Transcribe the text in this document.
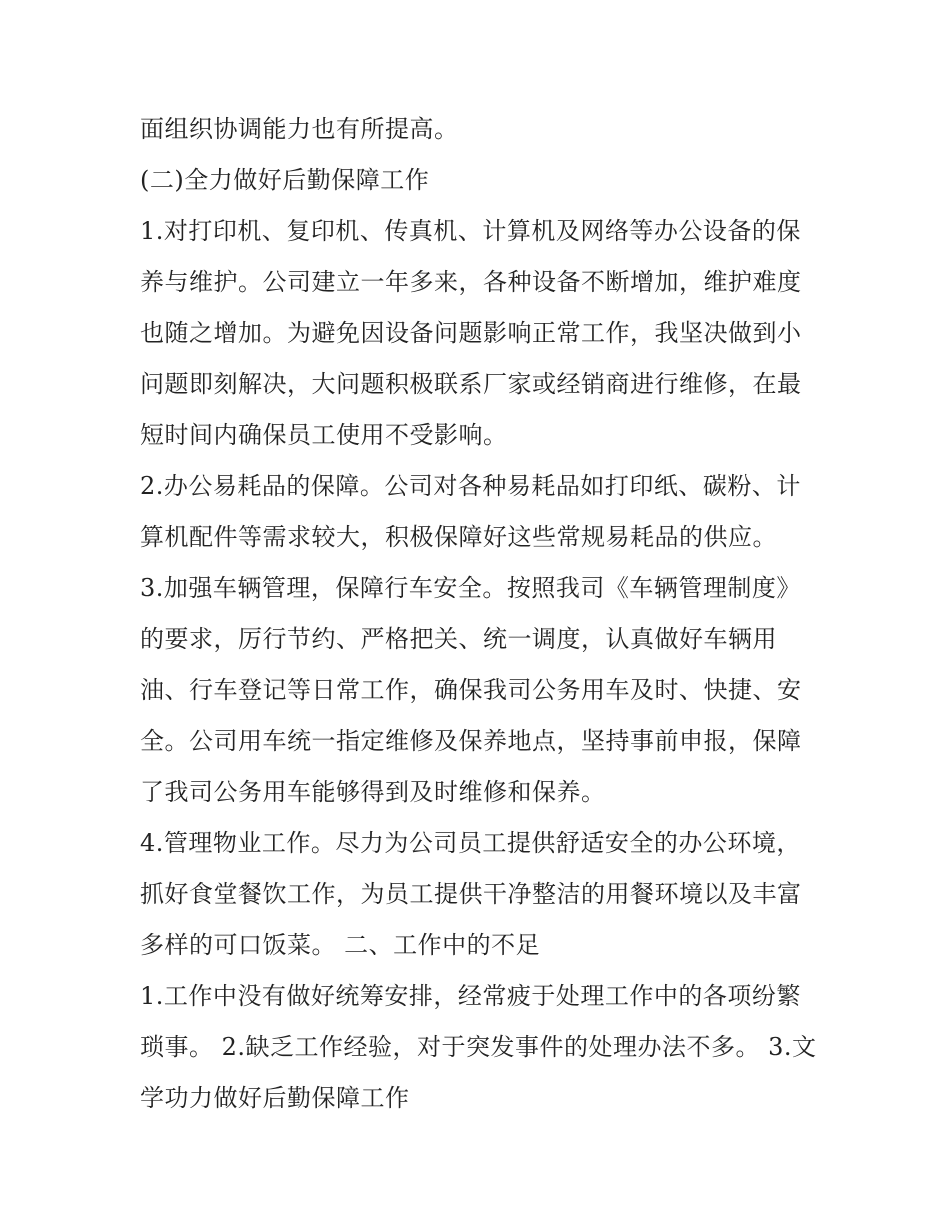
面组织协调能力也有所提高。

(二)全力做好后勤保障工作

1.对打印机、复印机、传真机、计算机及网络等办公设备的保养与维护。公司建立一年多来，各种设备不断增加，维护难度也随之增加。为避免因设备问题影响正常工作，我坚决做到小问题即刻解决，大问题积极联系厂家或经销商进行维修，在最短时间内确保员工使用不受影响。

2.办公易耗品的保障。公司对各种易耗品如打印纸、碳粉、计算机配件等需求较大，积极保障好这些常规易耗品的供应。

3.加强车辆管理，保障行车安全。按照我司《车辆管理制度》的要求，厉行节约、严格把关、统一调度，认真做好车辆用油、行车登记等日常工作，确保我司公务用车及时、快捷、安全。公司用车统一指定维修及保养地点，坚持事前申报，保障了我司公务用车能够得到及时维修和保养。

4.管理物业工作。尽力为公司员工提供舒适安全的办公环境，抓好食堂餐饮工作，为员工提供干净整洁的用餐环境以及丰富多样的可口饭菜。 二、工作中的不足

1.工作中没有做好统筹安排，经常疲于处理工作中的各项纷繁琐事。 2.缺乏工作经验，对于突发事件的处理办法不多。 3.文学功力做好后勤保障工作
